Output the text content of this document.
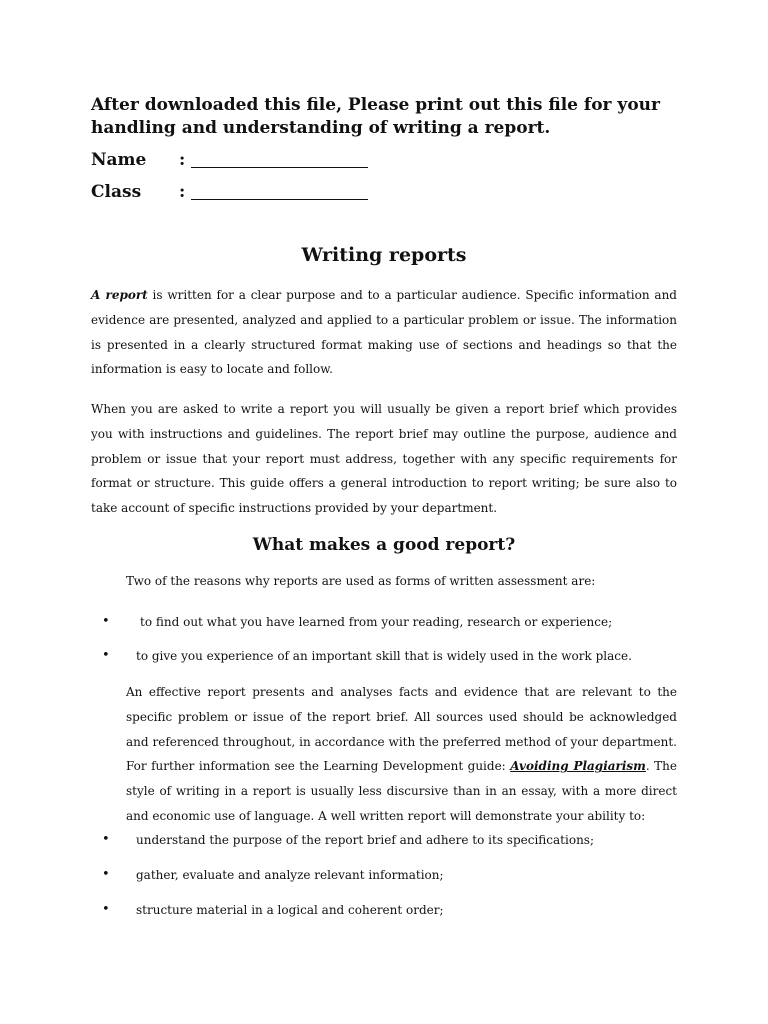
After downloaded this file, Please print out this file for your
handling and understanding of writing a report.
Name :
Class :
Writing reports
A report is written for a clear purpose and to a particular audience. Specific information and evidence are presented, analyzed and applied to a particular problem or issue. The information is presented in a clearly structured format making use of sections and headings so that the information is easy to locate and follow.
When you are asked to write a report you will usually be given a report brief which provides you with instructions and guidelines. The report brief may outline the purpose, audience and problem or issue that your report must address, together with any specific requirements for format or structure. This guide offers a general introduction to report writing; be sure also to take account of specific instructions provided by your department.
What makes a good report?
Two of the reasons why reports are used as forms of written assessment are:
•	to find out what you have learned from your reading, research or experience;
• to give you experience of an important skill that is widely used in the work place.
An effective report presents and analyses facts and evidence that are relevant to the specific problem or issue of the report brief. All sources used should be acknowledged and referenced throughout, in accordance with the preferred method of your department. For further information see the Learning Development guide: Avoiding Plagiarism. The style of writing in a report is usually less discursive than in an essay, with a more direct and economic use of language. A well written report will demonstrate your ability to:
• understand the purpose of the report brief and adhere to its specifications;
• gather, evaluate and analyze relevant information;
• structure material in a logical and coherent order;
